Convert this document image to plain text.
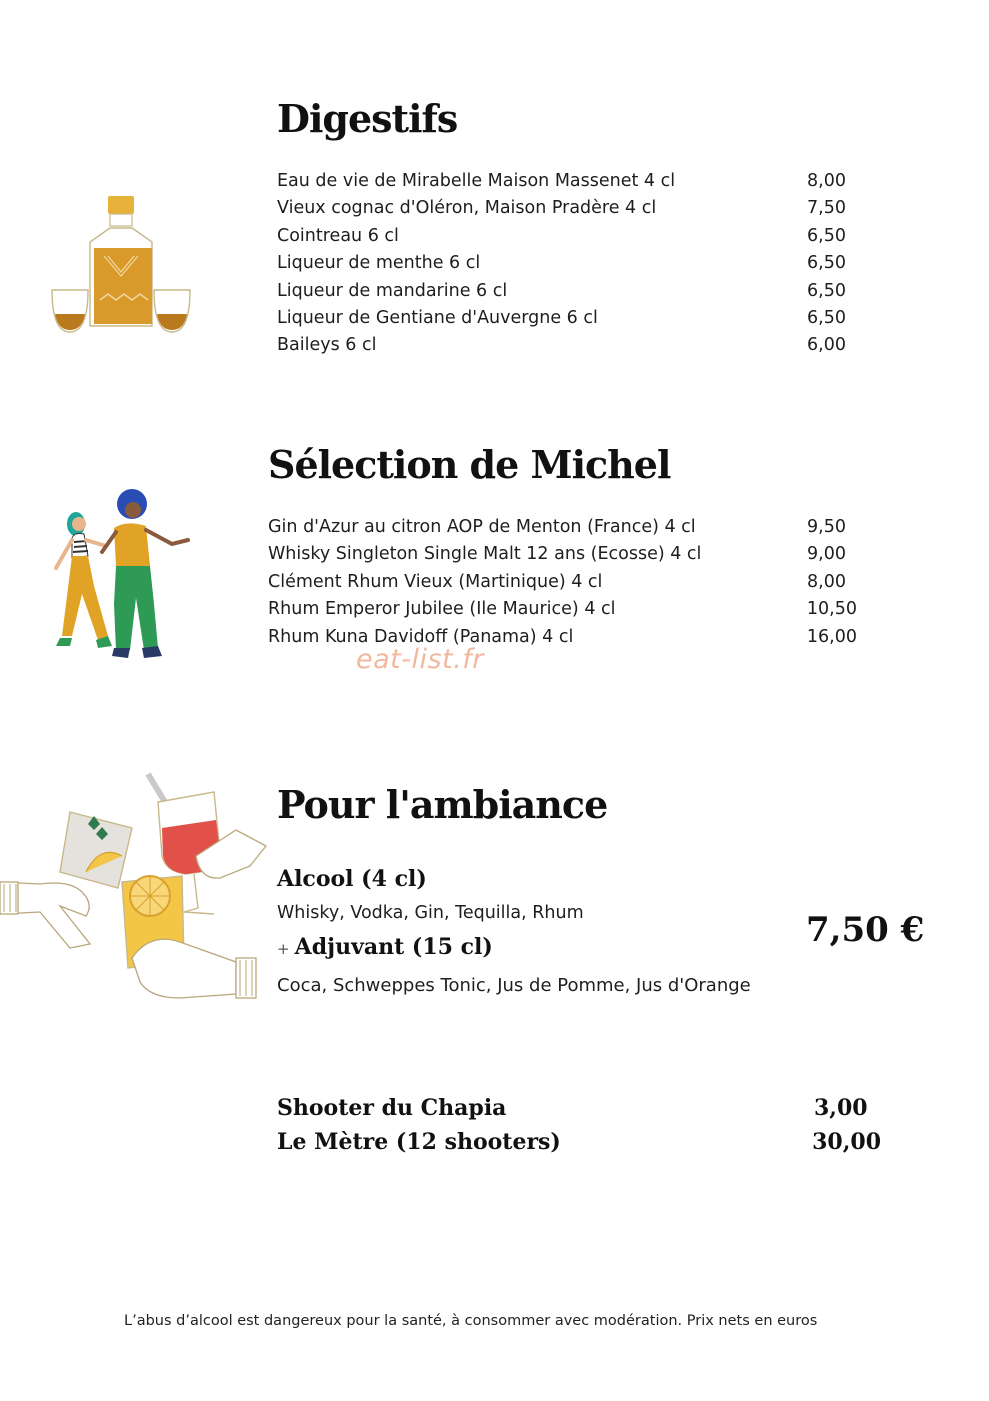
Digestifs
Eau de vie de Mirabelle Maison Massenet 4 cl	8,00
Vieux cognac d'Oléron, Maison Pradère 4 cl	7,50
Cointreau 6 cl	6,50
Liqueur de menthe 6 cl	6,50
Liqueur de mandarine 6 cl	6,50
Liqueur de Gentiane d'Auvergne 6 cl	6,50
Baileys 6 cl	6,00
Sélection de Michel
Gin d'Azur au citron AOP de Menton (France) 4 cl	9,50
Whisky Singleton Single Malt 12 ans (Ecosse) 4 cl	9,00
Clément Rhum Vieux (Martinique) 4 cl	8,00
Rhum Emperor Jubilee (Ile Maurice) 4 cl	10,50
Rhum Kuna Davidoff (Panama) 4 cl	16,00
eat-list.fr
Pour l'ambiance
Alcool (4 cl)
Whisky, Vodka, Gin, Tequilla, Rhum
+ Adjuvant (15 cl)
Coca, Schweppes Tonic, Jus de Pomme, Jus d'Orange
7,50 €
Shooter du Chapia	3,00
Le Mètre (12 shooters)	30,00
L’abus d’alcool est dangereux pour la santé, à consommer avec modération. Prix nets en euros
